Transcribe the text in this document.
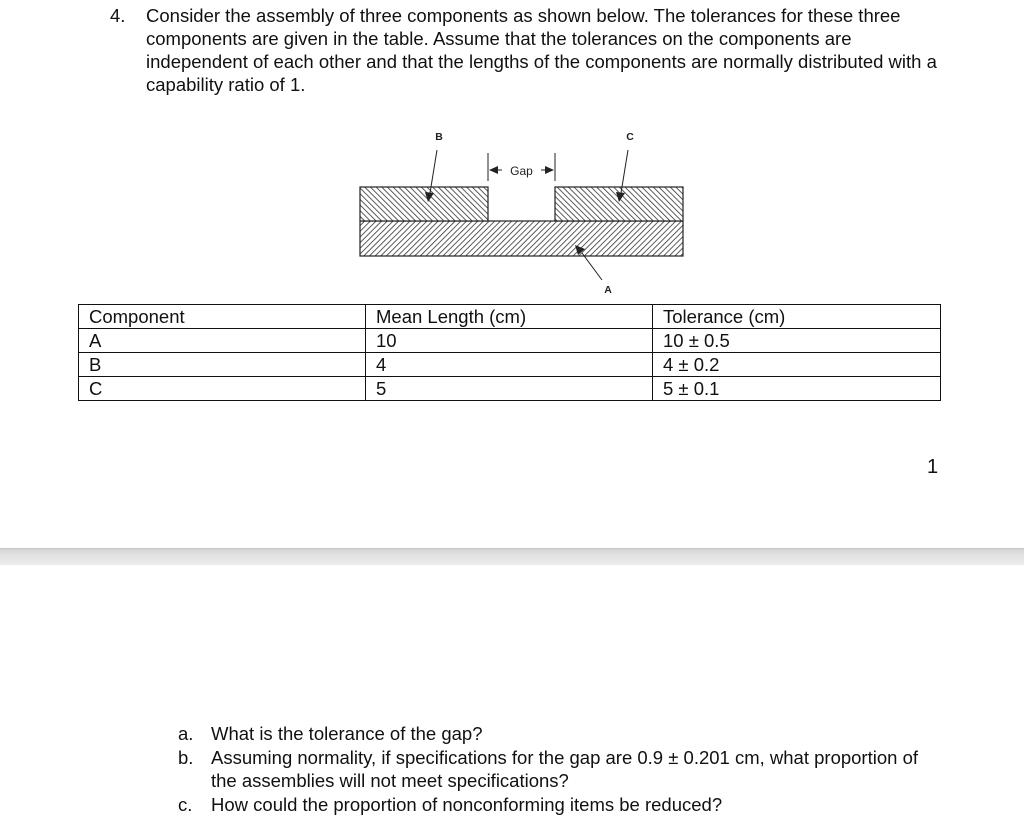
4. Consider the assembly of three components as shown below. The tolerances for these three components are given in the table. Assume that the tolerances on the components are independent of each other and that the lengths of the components are normally distributed with a capability ratio of 1.
Gap
B	C
A
Component	Mean Length (cm)	Tolerance (cm)
A	10	10 ± 0.5
B	4	4 ± 0.2
C	5	5 ± 0.1
1
a. What is the tolerance of the gap?
b. Assuming normality, if specifications for the gap are 0.9 ± 0.201 cm, what proportion of the assemblies will not meet specifications?
c. How could the proportion of nonconforming items be reduced?
